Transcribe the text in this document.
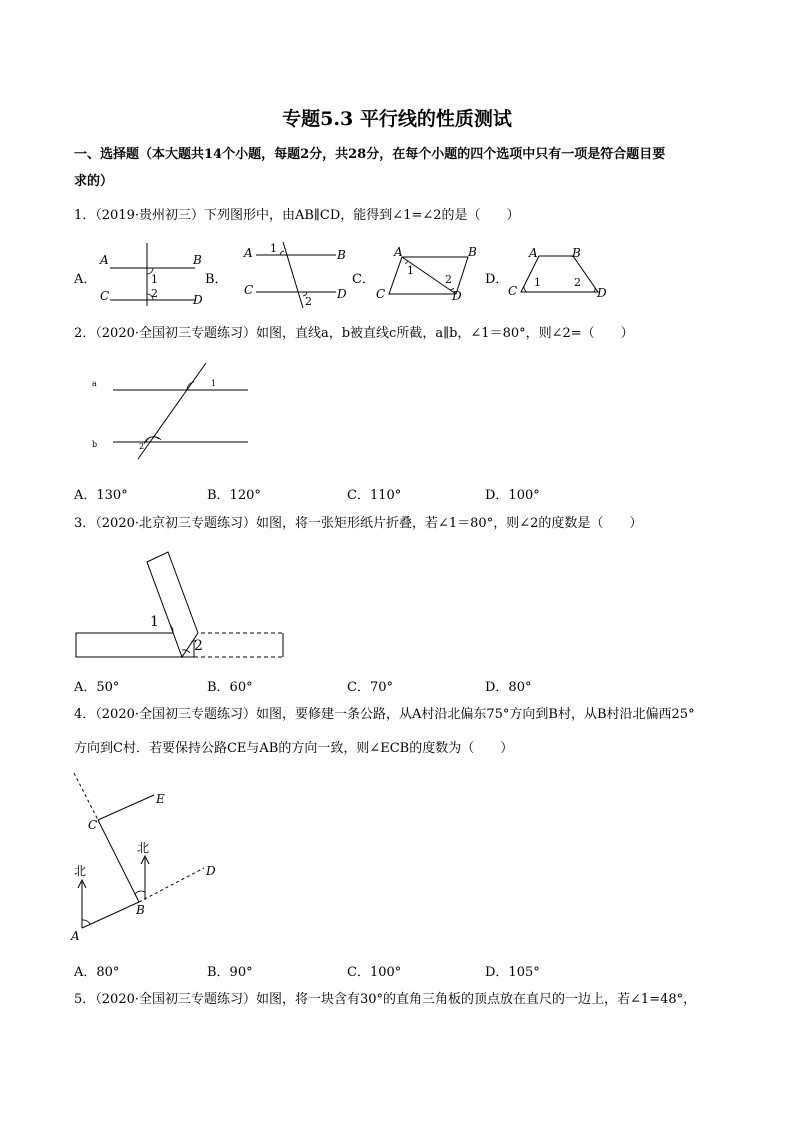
专题5.3 平行线的性质测试
一、选择题（本大题共14个小题，每题2分，共28分，在每个小题的四个选项中只有一项是符合题目要
求的）
1．（2019·贵州初三）下列图形中，由AB∥CD，能得到∠1=∠2的是（　　）
A．
A	B
C	D
1
2
B．
A	B
C	D
1
2
C．
A	B
C	D
1
2	D．
A	B
C	D
1	2
2．（2020·全国初三专题练习）如图，直线a，b被直线c所截，a∥b，∠1＝80°，则∠2=（　　）
a
b
1
2
A．130°	B．120°	C．110°	D．100°
3．（2020·北京初三专题练习）如图，将一张矩形纸片折叠，若∠1＝80°，则∠2的度数是（　　）
1
2
A．50°	B．60°	C．70°	D．80°
4．（2020·全国初三专题练习）如图，要修建一条公路，从A村沿北偏东75°方向到B村，从B村沿北偏西25°
方向到C村．若要保持公路CE与AB的方向一致，则∠ECB的度数为（　　）
北
北
A
B
C
D
E
A．80°	B．90°	C．100°	D．105°
5．（2020·全国初三专题练习）如图，将一块含有30°的直角三角板的顶点放在直尺的一边上，若∠1=48°，
